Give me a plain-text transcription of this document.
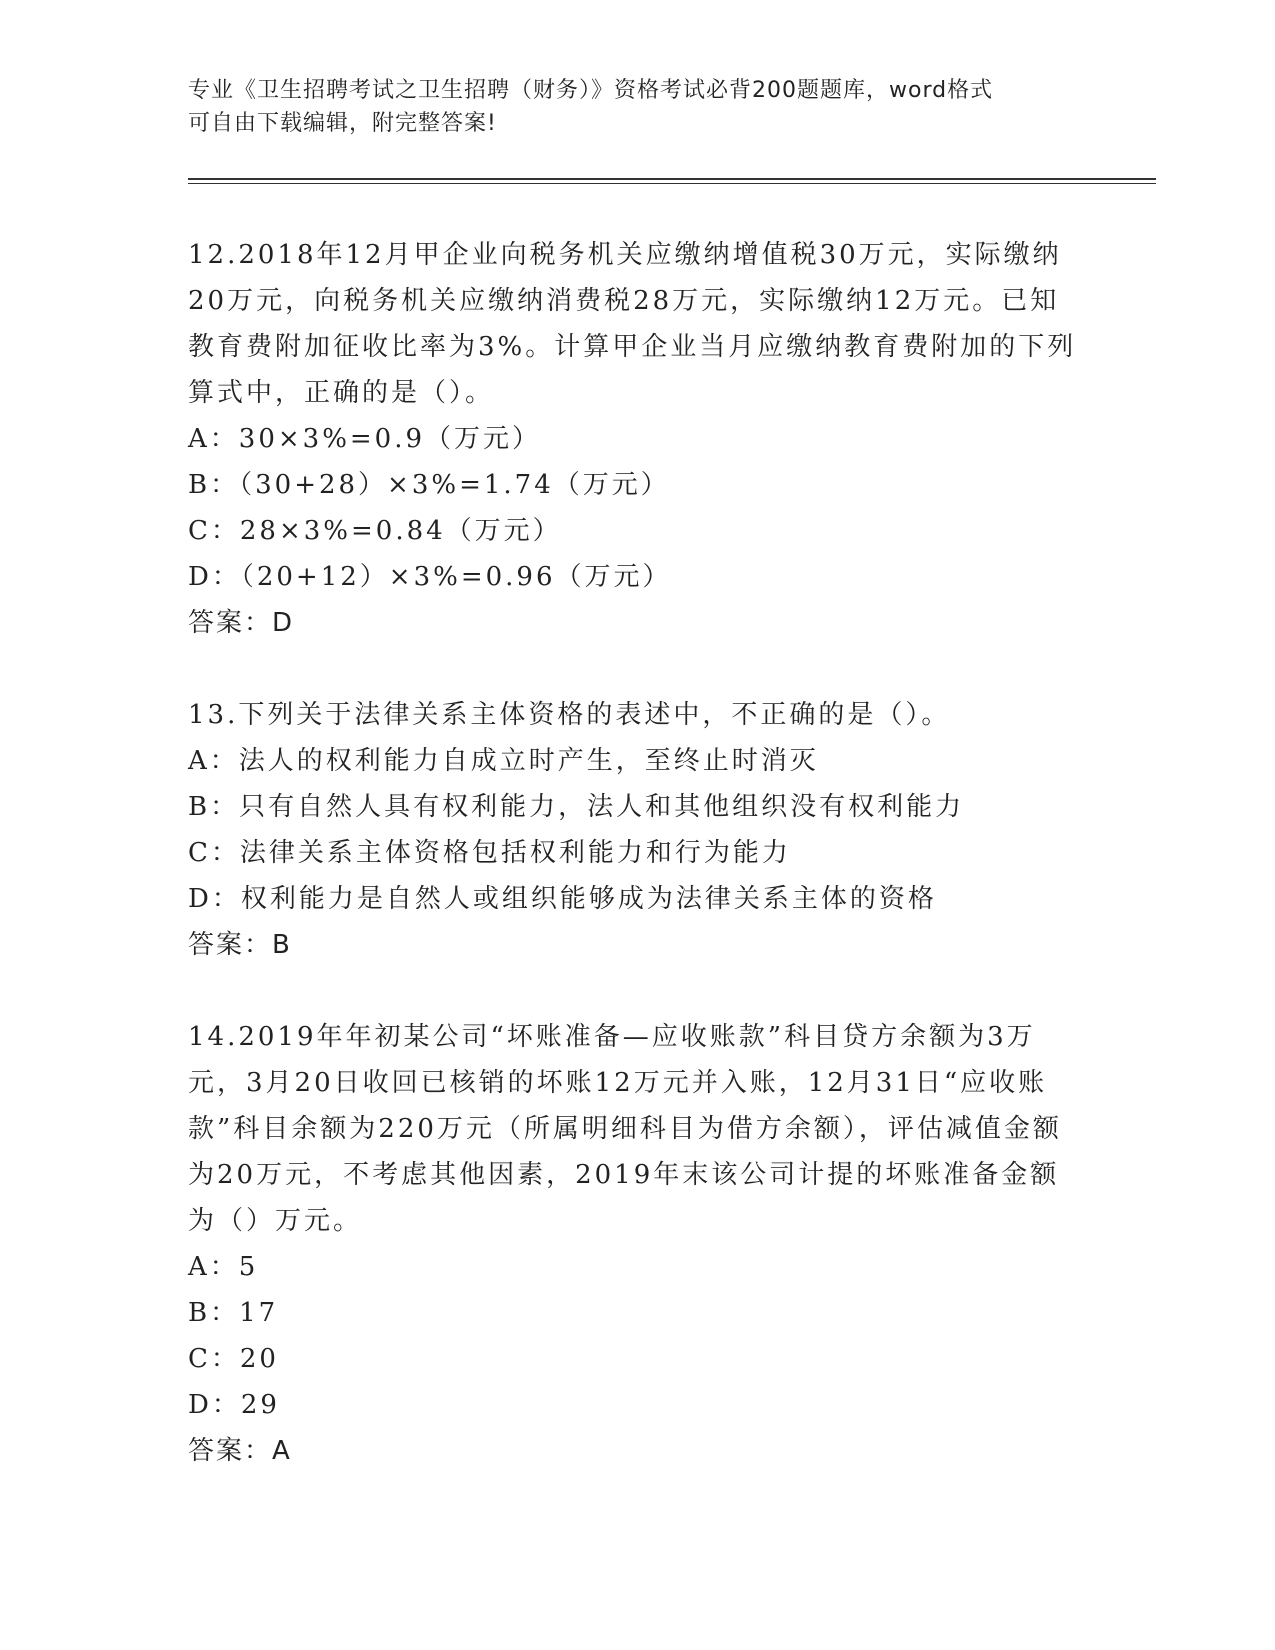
专业《卫生招聘考试之卫生招聘（财务）》资格考试必背200题题库，word格式
可自由下载编辑，附完整答案!

12.2018年12月甲企业向税务机关应缴纳增值税30万元，实际缴纳20万元，向税务机关应缴纳消费税28万元，实际缴纳12万元。已知教育费附加征收比率为3%。计算甲企业当月应缴纳教育费附加的下列算式中，正确的是（）。

A：30×3%=0.9（万元）
B：（30+28）×3%=1.74（万元）
C：28×3%=0.84（万元）
D：（20+12）×3%=0.96（万元）
答案：D

13.下列关于法律关系主体资格的表述中，不正确的是（）。

A：法人的权利能力自成立时产生，至终止时消灭
B：只有自然人具有权利能力，法人和其他组织没有权利能力
C：法律关系主体资格包括权利能力和行为能力
D：权利能力是自然人或组织能够成为法律关系主体的资格
答案：B

14.2019年年初某公司“坏账准备—应收账款”科目贷方余额为3万元，3月20日收回已核销的坏账12万元并入账，12月31日“应收账款”科目余额为220万元（所属明细科目为借方余额），评估减值金额为20万元，不考虑其他因素，2019年末该公司计提的坏账准备金额为（）万元。

A：5
B：17
C：20
D：29
答案：A
